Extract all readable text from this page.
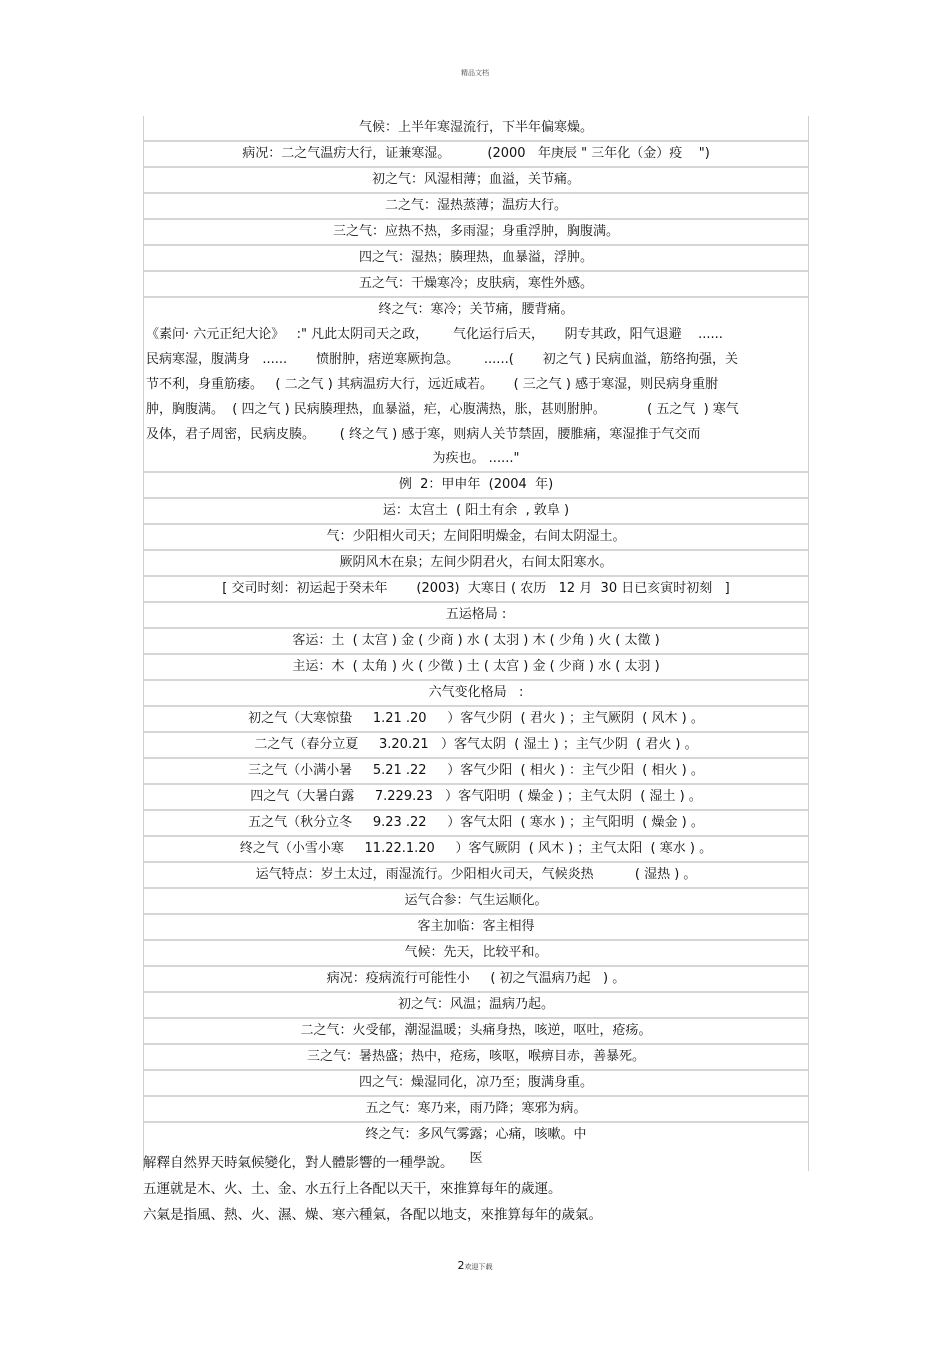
精品文档
气候：上半年寒湿流行，下半年偏寒燥。
病况：二之气温疠大行，证兼寒湿。         (2000   年庚辰 " 三年化（金）疫    ")
初之气：风湿相薄；血溢，关节痛。
二之气：湿热蒸薄；温疠大行。
三之气：应热不热，多雨湿；身重浮肿，胸腹满。
四之气：湿热；腠理热，血暴溢，浮肿。
五之气：干燥寒冷；皮肤病，寒性外感。
终之气：寒冷；关节痛，腰背痛。
《素问· 六元正纪大论》   :" 凡此太阴司天之政，      气化运行后天，     阴专其政，阳气退避    ......
民病寒湿，腹满身   ......       愤胕肿，痞逆寒厥拘急。      ......(       初之气 ) 民病血溢，筋络拘强，关
节不利，身重筋痿。   ( 二之气 ) 其病温疠大行，远近咸若。     ( 三之气 ) 感于寒湿，则民病身重胕
肿，胸腹满。  ( 四之气 ) 民病腠理热，血暴溢，疟，心腹满热，胀，甚则胕肿。          ( 五之气  ) 寒气
及体，君子周密，民病皮腠。      ( 终之气 ) 感于寒，则病人关节禁固，腰脽痛，寒湿推于气交而
为疾也。 ......"
例  2：甲申年  (2004  年)
运：太宫土  ( 阳土有余  , 敦阜 )
气：少阳相火司天；左间阳明燥金，右间太阴湿土。
厥阴风木在泉；左间少阴君火，右间太阳寒水。
[ 交司时刻：初运起于癸未年       (2003)  大寒日 ( 农历   12 月  30 日已亥寅时初刻   ]
五运格局 :
客运：土  ( 太宫 ) 金 ( 少商 ) 水 ( 太羽 ) 木 ( 少角 ) 火 ( 太徵 )
主运：木  ( 太角 ) 火 ( 少徵 ) 土 ( 太宫 ) 金 ( 少商 ) 水 ( 太羽 )
六气变化格局   :
初之气（大寒惊蛰     1.21 .20     ）客气少阴  ( 君火 ) ；主气厥阴  ( 风木 ) 。
二之气（春分立夏     3.20.21   ）客气太阴  ( 湿土 ) ；主气少阴  ( 君火 ) 。
三之气（小满小暑     5.21 .22     ）客气少阳  ( 相火 ) ：主气少阳  ( 相火 ) 。
四之气（大暑白露     7.229.23   ）客气阳明  ( 燥金 ) ；主气太阴  ( 湿土 ) 。
五之气（秋分立冬     9.23 .22     ）客气太阳  ( 寒水 ) ；主气阳明  ( 燥金 ) 。
终之气（小雪小寒     11.22.1.20     ）客气厥阴  ( 风木 ) ；主气太阳  ( 寒水 ) 。
运气特点：岁土太过，雨湿流行。少阳相火司天，气候炎热          ( 湿热 ) 。
运气合参：气生运顺化。
客主加临：客主相得
气候：先天，比较平和。
病况：疫病流行可能性小     ( 初之气温病乃起   ) 。
初之气：风温；温病乃起。
二之气：火受郁，潮湿温暖；头痛身热，咳逆，呕吐，疮疡。
三之气：暑热盛；热中，疮疡，咳呕，喉痹目赤，善暴死。
四之气：燥湿同化，凉乃至；腹满身重。
五之气：寒乃来，雨乃降；寒邪为病。
终之气：多风气雾露；心痛，咳嗽。中
医
解釋自然界天時氣候變化，對人體影響的一種學說。
五運就是木、火、土、金、水五行上各配以天干，來推算每年的歲運。
六氣是指風、熱、火、濕、燥、寒六種氣，各配以地支，來推算每年的歲氣。
2欢迎下载
